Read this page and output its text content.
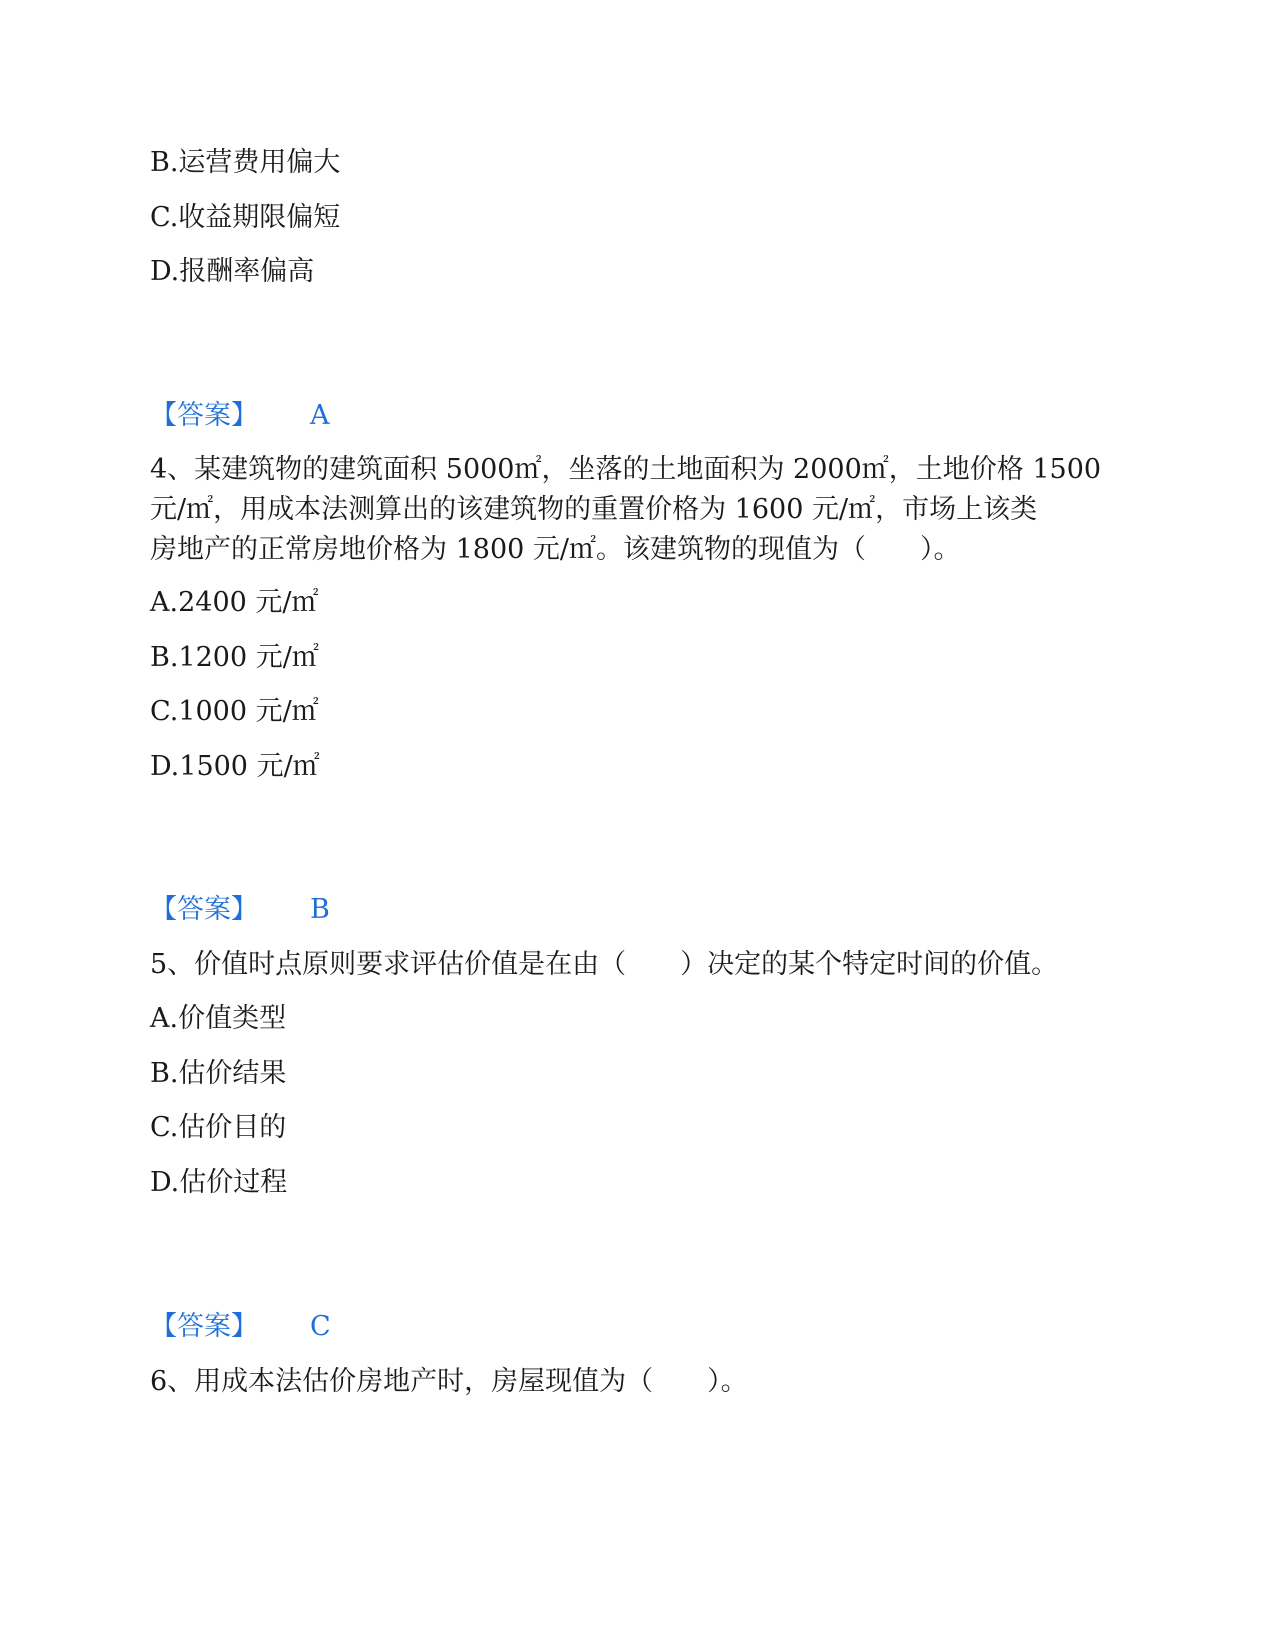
B.运营费用偏大
C.收益期限偏短
D.报酬率偏高
【答案】 A
4、某建筑物的建筑面积 5000㎡，坐落的土地面积为 2000㎡，土地价格 1500
元/㎡，用成本法测算出的该建筑物的重置价格为 1600 元/㎡，市场上该类
房地产的正常房地价格为 1800 元/㎡。该建筑物的现值为（　　）。
A.2400 元/㎡
B.1200 元/㎡
C.1000 元/㎡
D.1500 元/㎡
【答案】 B
5、价值时点原则要求评估价值是在由（　　）决定的某个特定时间的价值。
A.价值类型
B.估价结果
C.估价目的
D.估价过程
【答案】 C
6、用成本法估价房地产时，房屋现值为（　　）。
